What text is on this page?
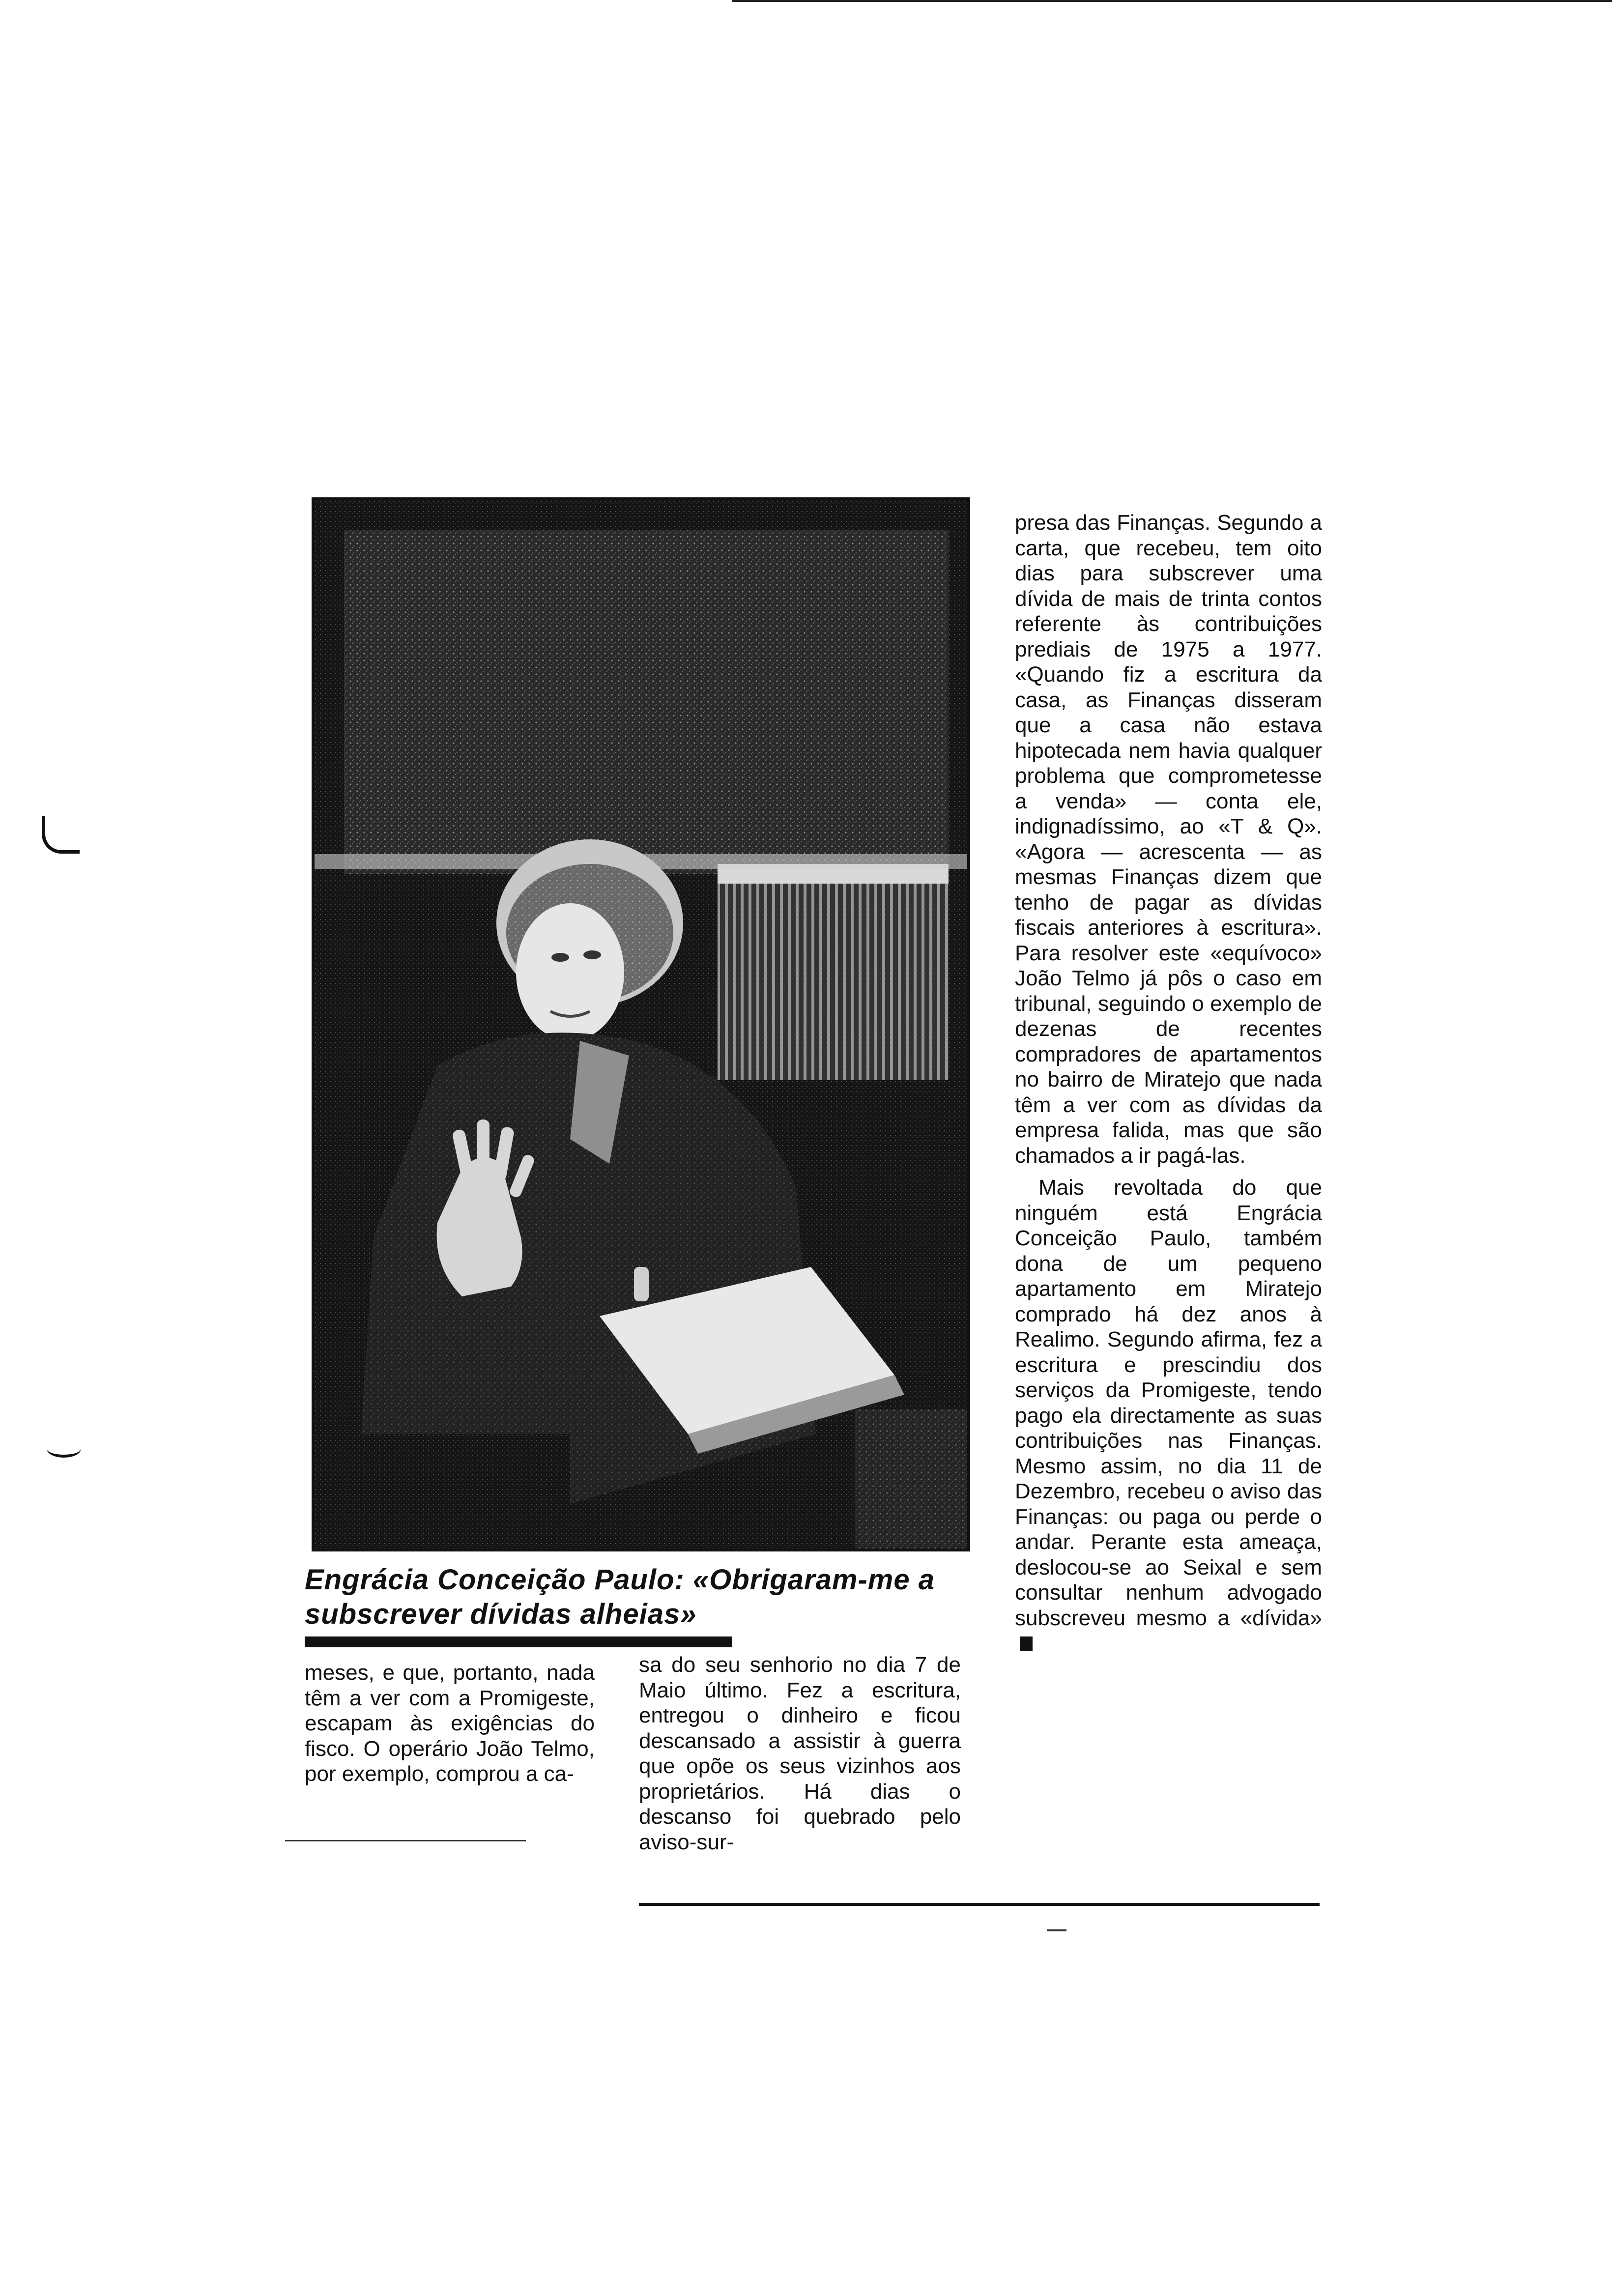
Engrácia Conceição Paulo: «Obrigaram-me a subscrever dívidas alheias»

meses, e que, portanto, nada têm a ver com a Promigeste, escapam às exigências do fisco. O operário João Telmo, por exemplo, comprou a ca-

sa do seu senhorio no dia 7 de Maio último. Fez a escritura, entregou o dinheiro e ficou descansado a assistir à guerra que opõe os seus vizinhos aos proprietários. Há dias o descanso foi quebrado pelo aviso-sur-

presa das Finanças. Segundo a carta, que recebeu, tem oito dias para subscrever uma dívida de mais de trinta contos referente às contribuições prediais de 1975 a 1977. «Quando fiz a escritura da casa, as Finanças disseram que a casa não estava hipotecada nem havia qualquer problema que comprometesse a venda» — conta ele, indignadíssimo, ao «T & Q». «Agora — acrescenta — as mesmas Finanças dizem que tenho de pagar as dívidas fiscais anteriores à escritura». Para resolver este «equívoco» João Telmo já pôs o caso em tribunal, seguindo o exemplo de dezenas de recentes compradores de apartamentos no bairro de Miratejo que nada têm a ver com as dívidas da empresa falida, mas que são chamados a ir pagá-las.

Mais revoltada do que ninguém está Engrácia Conceição Paulo, também dona de um pequeno apartamento em Miratejo comprado há dez anos à Realimo. Segundo afirma, fez a escritura e prescindiu dos serviços da Promigeste, tendo pago ela directamente as suas contribuições nas Finanças. Mesmo assim, no dia 11 de Dezembro, recebeu o aviso das Finanças: ou paga ou perde o andar. Perante esta ameaça, deslocou-se ao Seixal e sem consultar nenhum advogado subscreveu mesmo a «dívida»
